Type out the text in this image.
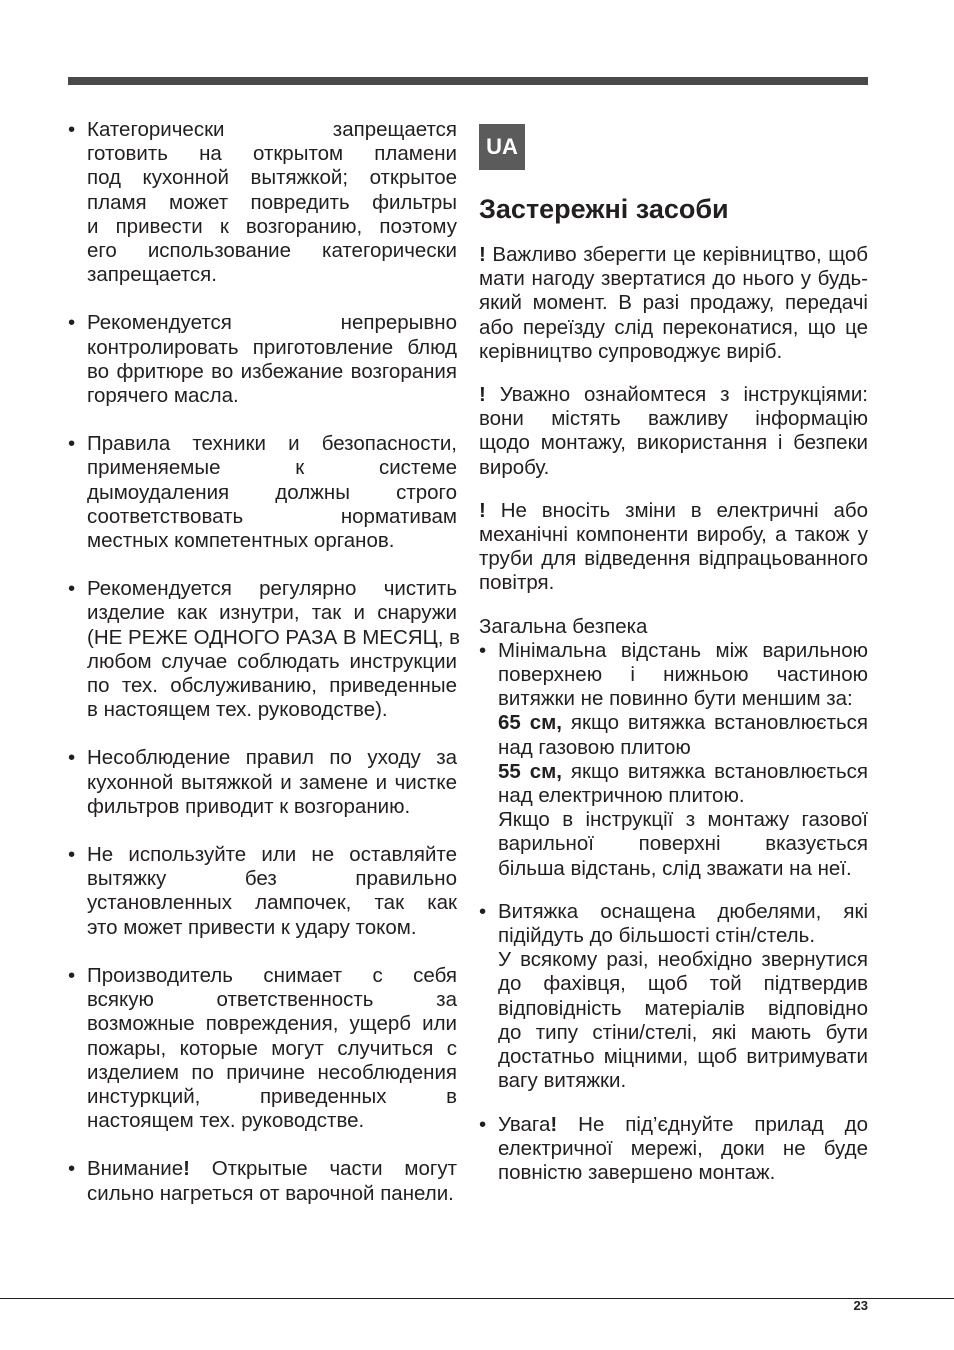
• Категорически запрещается
готовить на открытом пламени
под кухонной вытяжкой; открытое
пламя может повредить фильтры
и привести к возгоранию, поэтому
его использование категорически
запрещается.
• Рекомендуется непрерывно
контролировать приготовление блюд
во фритюре во избежание возгорания
горячего масла.
• Правила техники и безопасности,
применяемые к системе
дымоудаления должны строго
соответствовать нормативам
местных компетентных органов.
• Рекомендуется регулярно чистить
изделие как изнутри, так и снаружи
(НЕ РЕЖЕ ОДНОГО РАЗА В МЕСЯЦ, в
любом случае соблюдать инструкции
по тех. обслуживанию, приведенные
в настоящем тех. руководстве).
• Несоблюдение правил по уходу за
кухонной вытяжкой и замене и чистке
фильтров приводит к возгоранию.
• Не используйте или не оставляйте
вытяжку без правильно
установленных лампочек, так как
это может привести к удару током.
• Производитель снимает с себя
всякую ответственность за
возможные повреждения, ущерб или
пожары, которые могут случиться с
изделием по причине несоблюдения
инстуркций, приведенных в
настоящем тех. руководстве.
• Внимание! Открытые части могут
сильно нагреться от варочной панели.
UA
Застережні засоби
! Важливо зберегти це керівництво, щоб
мати нагоду звертатися до нього у будь-
який момент. В разі продажу, передачі
або переїзду слід переконатися, що це
керівництво супроводжує виріб.
! Уважно ознайомтеся з інструкціями:
вони містять важливу інформацію
щодо монтажу, використання і безпеки
виробу.
! Не вносіть зміни в електричні або
механічні компоненти виробу, а також у
труби для відведення відпрацьованного
повітря.
Загальна безпека
• Мінімальна відстань між варильною
поверхнею і нижньою частиною
витяжки не повинно бути меншим за:
65 см, якщо витяжка встановлюється
над газовою плитою
55 см, якщо витяжка встановлюється
над електричною плитою.
Якщо в інструкції з монтажу газової
варильної поверхні вказується
більша відстань, слід зважати на неї.
• Витяжка оснащена дюбелями, які
підійдуть до більшості стін/стель.
У всякому разі, необхідно звернутися
до фахівця, щоб той підтвердив
відповідність матеріалів відповідно
до типу стіни/стелі, які мають бути
достатньо міцними, щоб витримувати
вагу витяжки.
• Увага! Не під’єднуйте прилад до
електричної мережі, доки не буде
повністю завершено монтаж.
23
